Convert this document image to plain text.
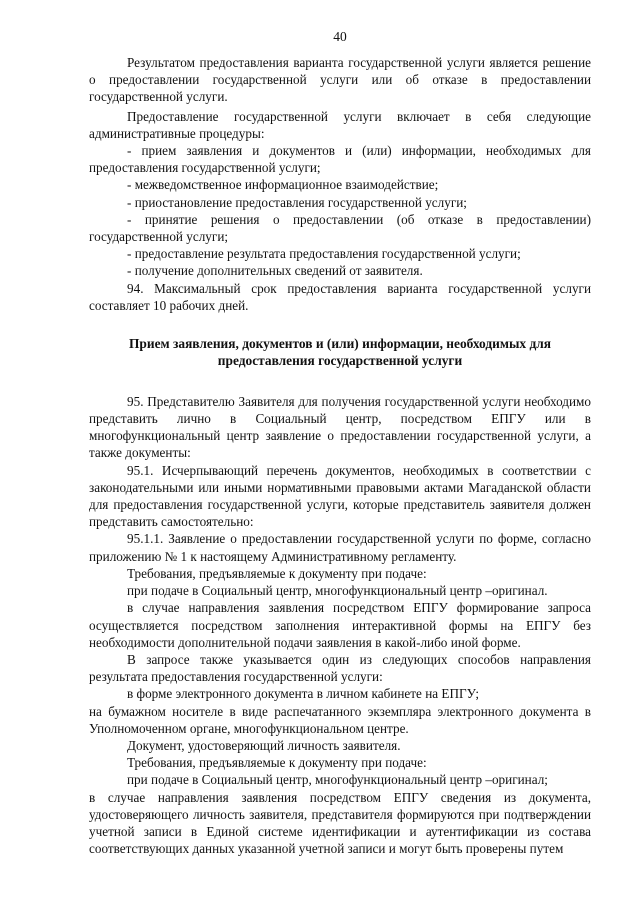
40

Результатом предоставления варианта государственной услуги является решение о предоставлении государственной услуги или об отказе в предоставлении государственной услуги.

Предоставление государственной услуги включает в себя следующие административные процедуры:

- прием заявления и документов и (или) информации, необходимых для предоставления государственной услуги;

- межведомственное информационное взаимодействие;

- приостановление предоставления государственной услуги;

- принятие решения о предоставлении (об отказе в предоставлении) государственной услуги;

- предоставление результата предоставления государственной услуги;

- получение дополнительных сведений от заявителя.

94. Максимальный срок предоставления варианта государственной услуги составляет 10 рабочих дней.

Прием заявления, документов и (или) информации, необходимых для предоставления государственной услуги

95. Представителю Заявителя для получения государственной услуги необходимо представить лично в Социальный центр, посредством ЕПГУ или в многофункциональный центр заявление о предоставлении государственной услуги, а также документы:

95.1. Исчерпывающий перечень документов, необходимых в соответствии с законодательными или иными нормативными правовыми актами Магаданской области для предоставления государственной услуги, которые представитель заявителя должен представить самостоятельно:

95.1.1. Заявление о предоставлении государственной услуги по форме, согласно приложению № 1 к настоящему Административному регламенту.

Требования, предъявляемые к документу при подаче:

при подаче в Социальный центр, многофункциональный центр –оригинал.

в случае направления заявления посредством ЕПГУ формирование запроса осуществляется посредством заполнения интерактивной формы на ЕПГУ без необходимости дополнительной подачи заявления в какой-либо иной форме.

В запросе также указывается один из следующих способов направления результата предоставления государственной услуги:

в форме электронного документа в личном кабинете на ЕПГУ;

на бумажном носителе в виде распечатанного экземпляра электронного документа в Уполномоченном органе, многофункциональном центре.

Документ, удостоверяющий личность заявителя.

Требования, предъявляемые к документу при подаче:

при подаче в Социальный центр, многофункциональный центр –оригинал;

в случае направления заявления посредством ЕПГУ сведения из документа, удостоверяющего личность заявителя, представителя формируются при подтверждении учетной записи в Единой системе идентификации и аутентификации из состава соответствующих данных указанной учетной записи и могут быть проверены путем
